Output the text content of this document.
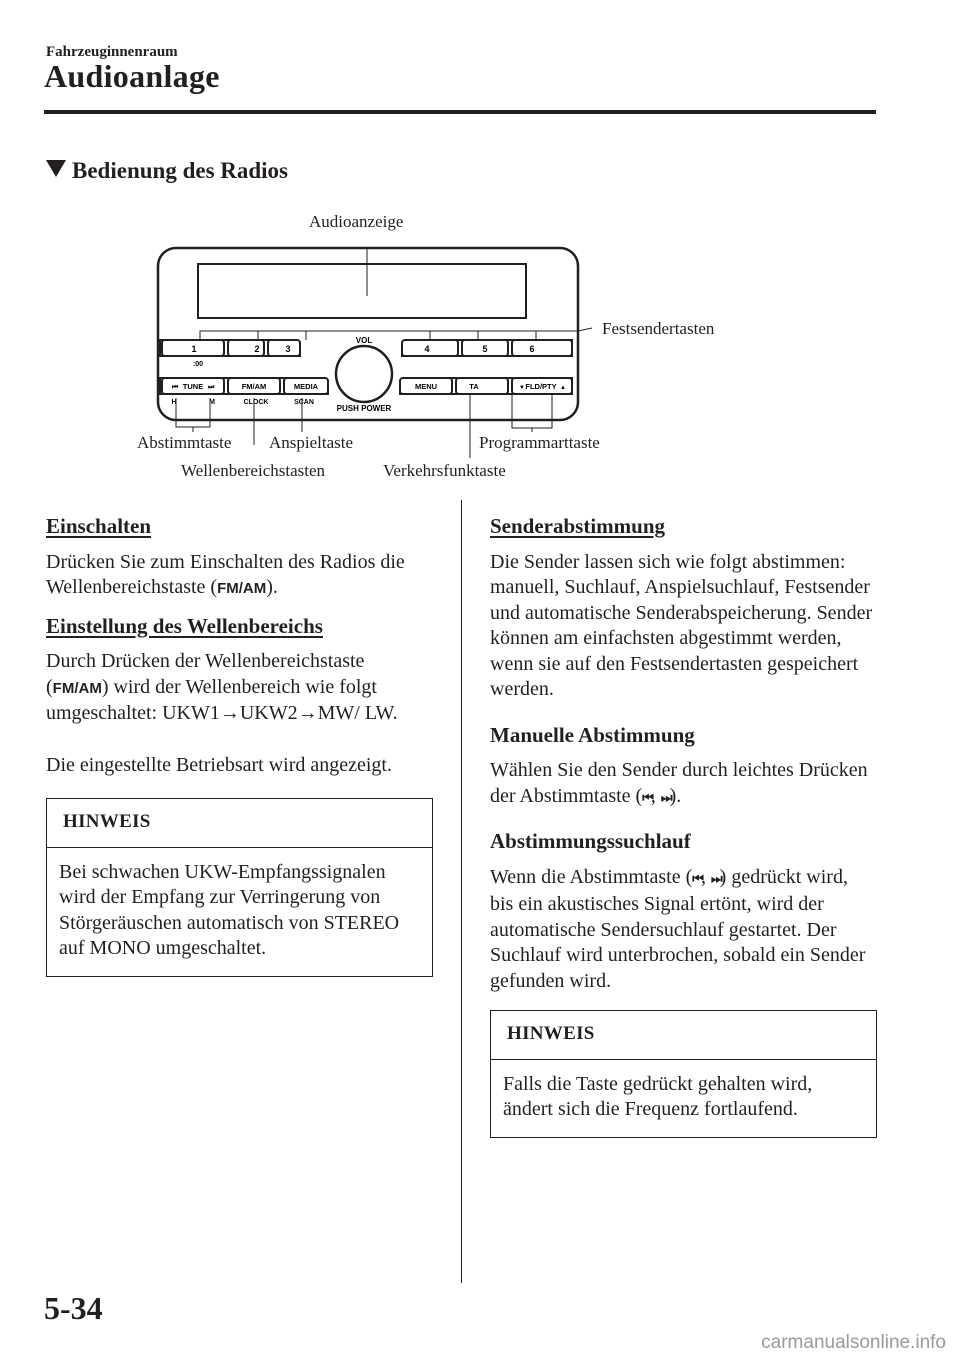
Fahrzeuginnenraum
Audioanlage
Bedienung des Radios
1	2	3	4	5	6
:00
VOL
PUSH POWER
⏮ TUNE ⏭	FM/AM	MEDIA	MENU	TA	▼ FLD/PTY ▲
H	M	CLOCK	SCAN
Audioanzeige
Festsendertasten
Abstimmtaste Anspieltaste	Programmarttaste
Wellenbereichstasten	Verkehrsfunktaste
Einschalten

Drücken Sie zum Einschalten des Radios die Wellenbereichstaste (FM/AM).

Einstellung des Wellenbereichs

Durch Drücken der Wellenbereichstaste (FM/AM) wird der Wellenbereich wie folgt umgeschaltet: UKW1→UKW2→MW/ LW.

Die eingestellte Betriebsart wird angezeigt.

HINWEIS
Bei schwachen UKW-Empfangssignalen wird der Empfang zur Verringerung von Störgeräuschen automatisch von STEREO auf MONO umgeschaltet.
Senderabstimmung

Die Sender lassen sich wie folgt abstimmen: manuell, Suchlauf, Anspielsuchlauf, Festsender und automatische Senderabspeicherung. Sender können am einfachsten abgestimmt werden, wenn sie auf den Festsendertasten gespeichert werden.

Manuelle Abstimmung

Wählen Sie den Sender durch leichtes Drücken der Abstimmtaste (⏮, ⏭).

Abstimmungssuchlauf

Wenn die Abstimmtaste (⏮, ⏭) gedrückt wird, bis ein akustisches Signal ertönt, wird der automatische Sendersuchlauf gestartet. Der Suchlauf wird unterbrochen, sobald ein Sender gefunden wird.

HINWEIS
Falls die Taste gedrückt gehalten wird, ändert sich die Frequenz fortlaufend.
5-34
carmanualsonline.info
